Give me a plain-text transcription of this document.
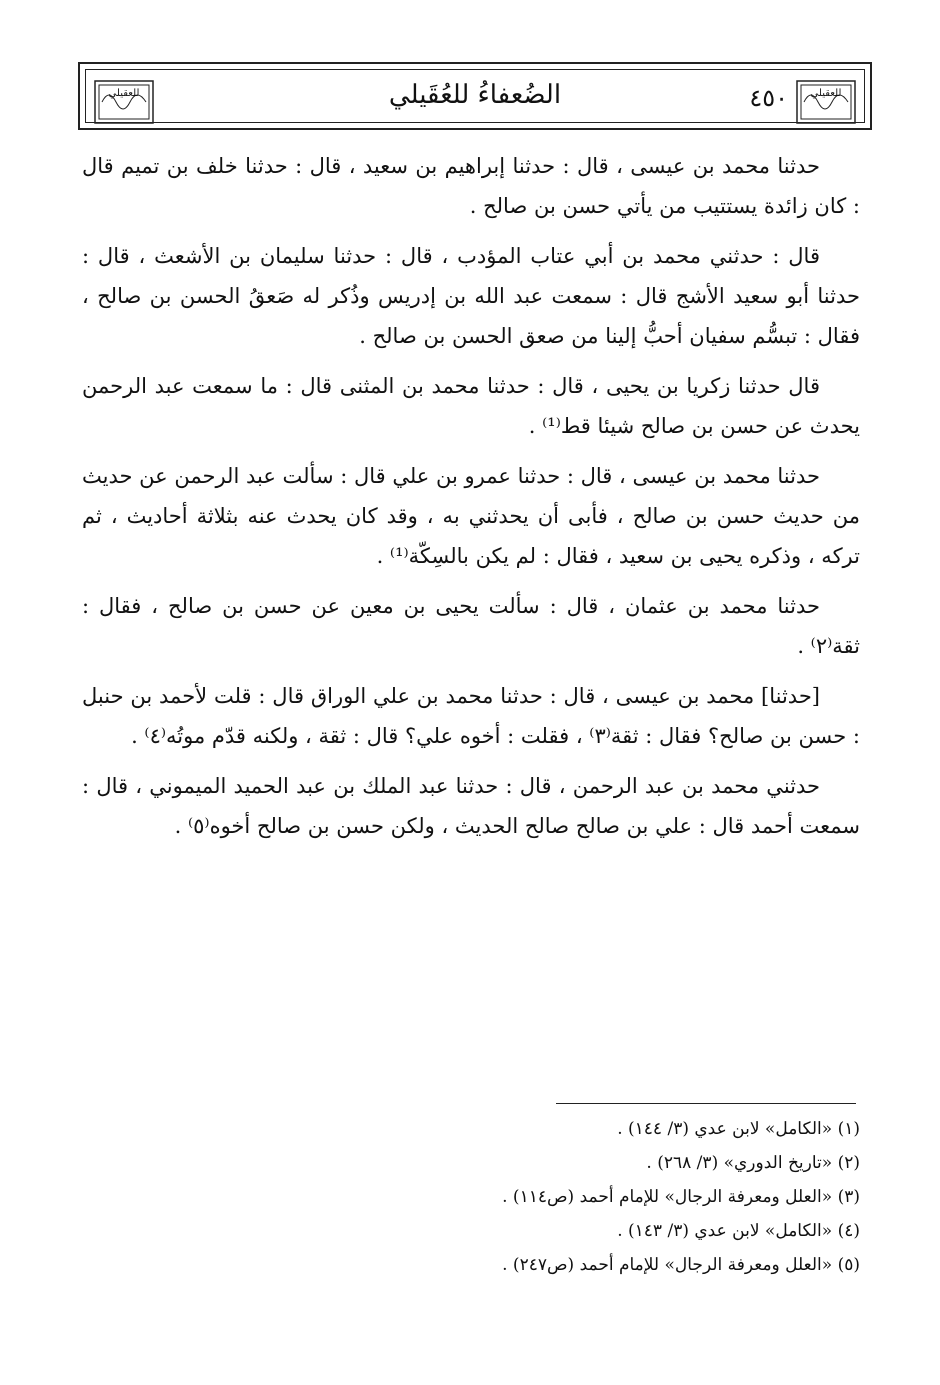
للعقيلي	للعقيلي
٤٥٠
الضُعفاءُ للعُقَيلي

حدثنا محمد بن عيسى ، قال : حدثنا إبراهيم بن سعيد ، قال : حدثنا خلف بن تميم قال : كان زائدة يستتيب من يأتي حسن بن صالح .

قال : حدثني محمد بن أبي عتاب المؤدب ، قال : حدثنا سليمان بن الأشعث ، قال : حدثنا أبو سعيد الأشج قال : سمعت عبد الله بن إدريس وذُكر له صَعقُ الحسن بن صالح ، فقال : تبسُّم سفيان أحبُّ إلينا من صعق الحسن بن صالح .

قال حدثنا زكريا بن يحيى ، قال : حدثنا محمد بن المثنى قال : ما سمعت عبد الرحمن يحدث عن حسن بن صالح شيئا قط⁽¹⁾ .

حدثنا محمد بن عيسى ، قال : حدثنا عمرو بن علي قال : سألت عبد الرحمن عن حديث من حديث حسن بن صالح ، فأبى أن يحدثني به ، وقد كان يحدث عنه بثلاثة أحاديث ، ثم تركه ، وذكره يحيى بن سعيد ، فقال : لم يكن بالسِكّة⁽¹⁾ .

حدثنا محمد بن عثمان ، قال : سألت يحيى بن معين عن حسن بن صالح ، فقال : ثقة⁽٢⁾ .

[حدثنا] محمد بن عيسى ، قال : حدثنا محمد بن علي الوراق قال : قلت لأحمد بن حنبل : حسن بن صالح؟ فقال : ثقة⁽٣⁾ ، فقلت : أخوه علي؟ قال : ثقة ، ولكنه قدّم موتُه⁽٤⁾ .

حدثني محمد بن عبد الرحمن ، قال : حدثنا عبد الملك بن عبد الحميد الميموني ، قال : سمعت أحمد قال : علي بن صالح صالح الحديث ، ولكن حسن بن صالح أخوه⁽٥⁾ .

(١) «الكامل» لابن عدي (٣/ ١٤٤) .

(٢) «تاريخ الدوري» (٣/ ٢٦٨) .

(٣) «العلل ومعرفة الرجال» للإمام أحمد (ص١١٤) .

(٤) «الكامل» لابن عدي (٣/ ١٤٣) .

(٥) «العلل ومعرفة الرجال» للإمام أحمد (ص٢٤٧) .
